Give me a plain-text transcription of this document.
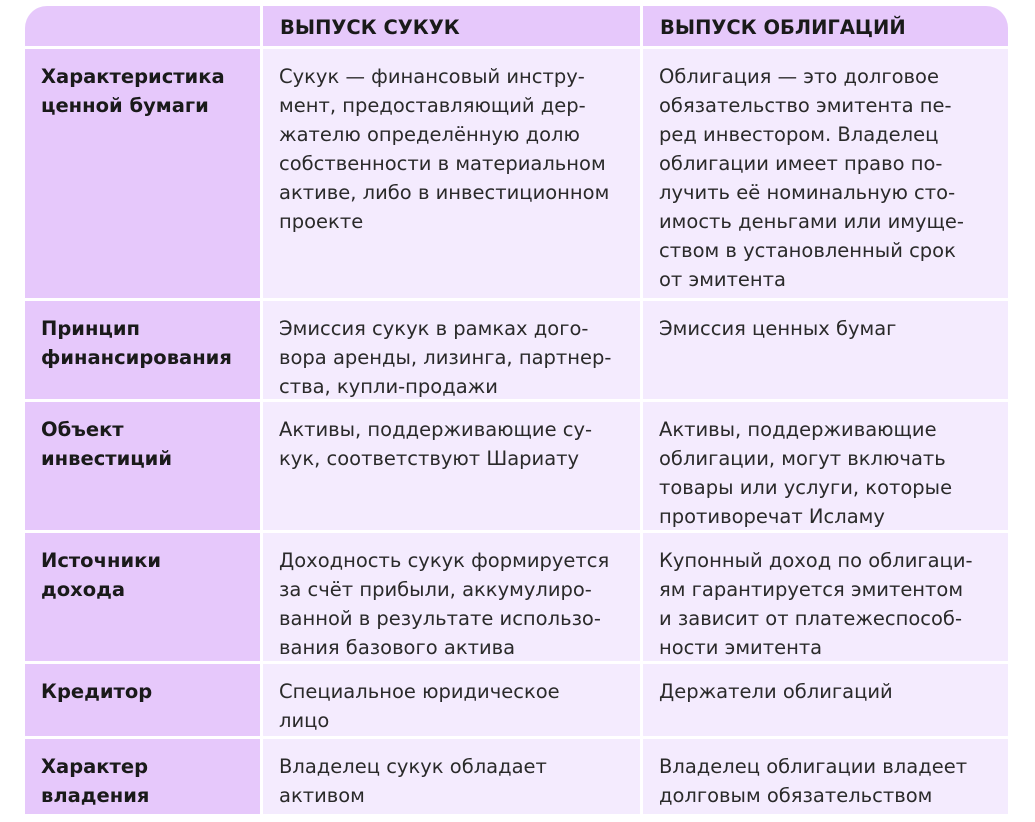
ВЫПУСК СУКУК	ВЫПУСК ОБЛИГАЦИЙ
Характеристика
ценной бумаги
Сукук — финансовый инстру-
мент, предоставляющий дер-
жателю определённую долю
собственности в материальном
активе, либо в инвестиционном
проекте
Облигация — это долговое
обязательство эмитента пе-
ред инвестором. Владелец
облигации имеет право по-
лучить её номинальную сто-
имость деньгами или имуще-
ством в установленный срок
от эмитента
Принцип
финансирования
Эмиссия сукук в рамках дого-
вора аренды, лизинга, партнер-
ства, купли-продажи
Эмиссия ценных бумаг
Объект
инвестиций
Активы, поддерживающие су-
кук, соответствуют Шариату
Активы, поддерживающие
облигации, могут включать
товары или услуги, которые
противоречат Исламу
Источники дохода
Доходность сукук формируется
за счёт прибыли, аккумулиро-
ванной в результате использо-
вания базового актива
Купонный доход по облигаци-
ям гарантируется эмитентом
и зависит от платежеспособ-
ности эмитента
Кредитор	Специальное юридическое
лицо
Держатели облигаций
Характер
владения
Владелец сукук обладает
активом
Владелец облигации владеет
долговым обязательством
